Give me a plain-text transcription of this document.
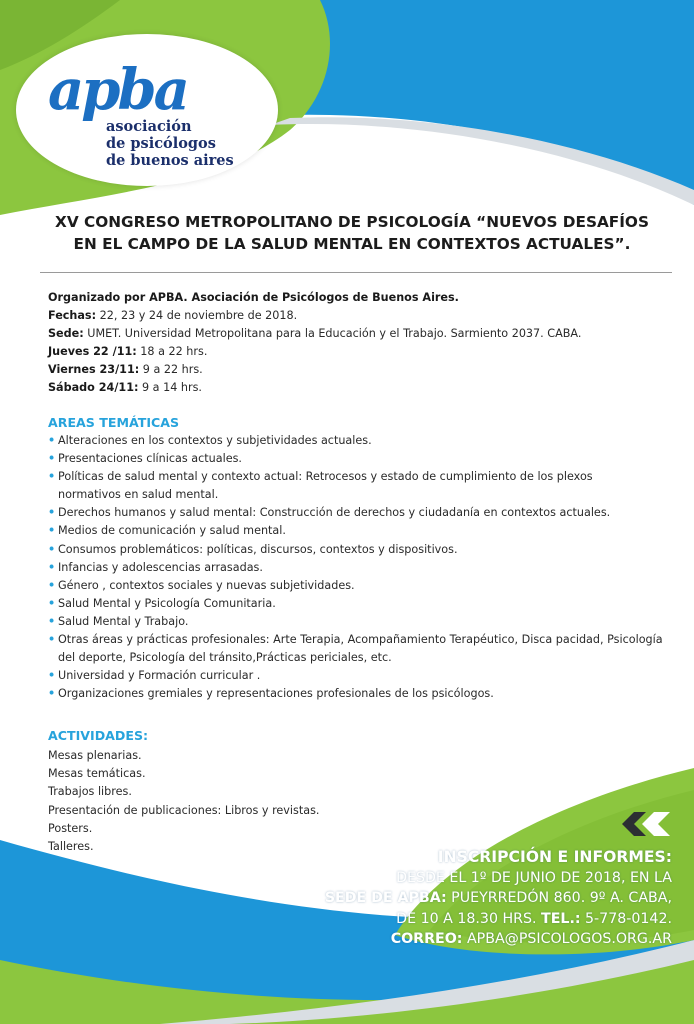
apba
asociación
de psicólogos
de buenos aires
XV CONGRESO METROPOLITANO DE PSICOLOGÍA “NUEVOS DESAFÍOS
EN EL CAMPO DE LA SALUD MENTAL EN CONTEXTOS ACTUALES”.
Organizado por APBA. Asociación de Psicólogos de Buenos Aires.
Fechas: 22, 23 y 24 de noviembre de 2018.
Sede: UMET. Universidad Metropolitana para la Educación y el Trabajo. Sarmiento 2037. CABA.
Jueves 22 /11: 18 a 22 hrs.
Viernes 23/11: 9 a 22 hrs.
Sábado 24/11: 9 a 14 hrs.
AREAS TEMÁTICAS
• Alteraciones en los contextos y subjetividades actuales.
• Presentaciones clínicas actuales.
• Políticas de salud mental y contexto actual: Retrocesos y estado de cumplimiento de los plexos normativos en salud mental.
• Derechos humanos y salud mental: Construcción de derechos y ciudadanía en contextos actuales.
• Medios de comunicación y salud mental.
• Consumos problemáticos: políticas, discursos, contextos y dispositivos.
• Infancias y adolescencias arrasadas.
• Género , contextos sociales y nuevas subjetividades.
• Salud Mental y Psicología Comunitaria.
• Salud Mental y Trabajo.
• Otras áreas y prácticas profesionales: Arte Terapia, Acompañamiento Terapéutico, Disca pacidad, Psicología del deporte, Psicología del tránsito,Prácticas periciales, etc.
• Universidad y Formación curricular .
• Organizaciones gremiales y representaciones profesionales de los psicólogos.
ACTIVIDADES:
Mesas plenarias.
Mesas temáticas.
Trabajos libres.
Presentación de publicaciones: Libros y revistas.
Posters.
Talleres.
INSCRIPCIÓN E INFORMES:
DESDE EL 1º DE JUNIO DE 2018, EN LA
SEDE DE APBA: PUEYRREDÓN 860. 9º A. CABA,
DE 10 A 18.30 HRS. TEL.: 5-778-0142.
CORREO: APBA@PSICOLOGOS.ORG.AR
